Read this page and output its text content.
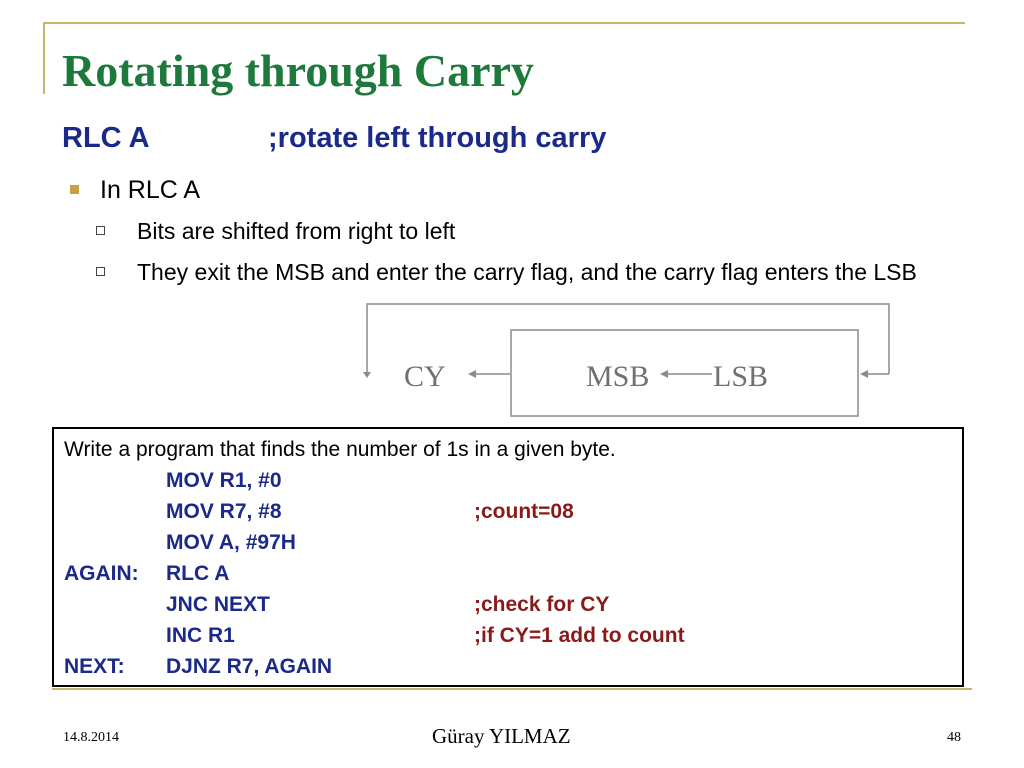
Rotating through Carry
RLC A	;rotate left through carry
In RLC A
Bits are shifted from right to left
They exit the MSB and enter the carry flag, and the carry flag enters the LSB
CY	MSB LSB
Write a program that finds the number of 1s in a given byte.
MOV R1, #0
MOV R7, #8	;count=08
MOV A, #97H
AGAIN: RLC A
JNC NEXT	;check for CY
INC R1	;if CY=1 add to count
NEXT: DJNZ R7, AGAIN
14.8.2014	Güray YILMAZ	48
